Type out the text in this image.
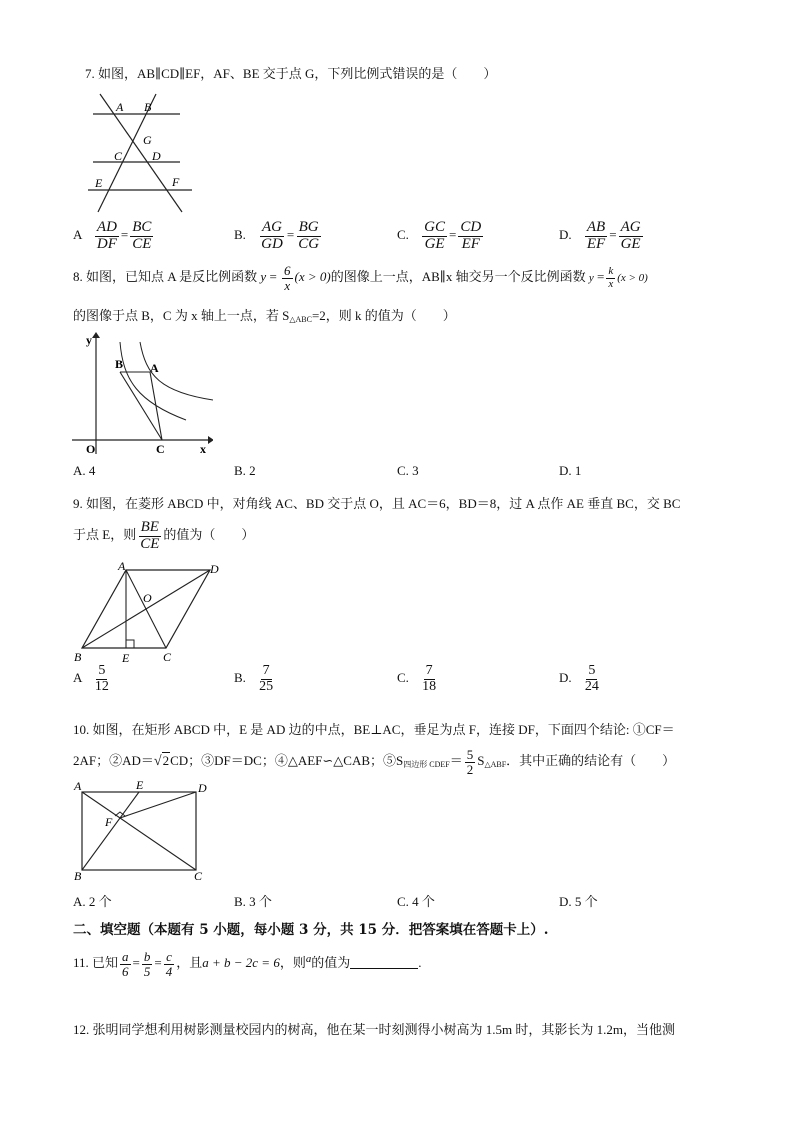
7. 如图，AB∥CD∥EF，AF、BE 交于点 G，下列比例式错误的是（　　）
A B
G
C D
E	F
A $\frac{AD}{DF} = \frac{BC}{CE}$	B. $\frac{AG}{GD} = \frac{BG}{CG}$	C. $\frac{GC}{GE} = \frac{CD}{EF}$	D. $\frac{AB}{EF} = \frac{AG}{GE}$
8. 如图，已知点 A 是反比例函数 $y = \frac{6}{x} (x > 0)$的图像上一点，AB∥x 轴交另一个反比例函数 $y = \frac{k}{x} (x > 0)$
的图像于点 B，C 为 x 轴上一点，若 $S_{\triangle ABC}=2$，则 k 的值为（　　）
y
B A
O	C	x
A. 4	B. 2	C. 3	D. 1
9. 如图，在菱形 ABCD 中，对角线 AC、BD 交于点 O，且 AC＝6，BD＝8，过 A 点作 AE 垂直 BC，交 BC
于点 E，则 $\frac{BE}{CE}$ 的值为（　　）
A	D
O
B	E	C
A $\frac{5}{12}$	B. $\frac{7}{25}$	C. $\frac{7}{18}$	D. $\frac{5}{24}$
10. 如图，在矩形 ABCD 中，E 是 AD 边的中点，BE⊥AC，垂足为点 F，连接 DF，下面四个结论: ①CF＝
2AF；②AD＝√2CD；③DF＝DC；④△AEF∽△CAB；$⑤S_{四边形 CDEF}= \frac{5}{2} S_{\triangle ABF}$．其中正确的结论有（　　）
A	E	D
F
B	C
A. 2 个	B. 3 个	C. 4 个	D. 5 个
二、填空题（本题有 5 小题，每小题 3 分，共 15 分．把答案填在答题卡上）.
11. 已知 $\frac{a}{6} = \frac{b}{5} = \frac{c}{4}$ ，且a + b − 2c = 6，则$^a$的值为	.
12. 张明同学想利用树影测量校园内的树高，他在某一时刻测得小树高为 1.5m 时，其影长为 1.2m，当他测
